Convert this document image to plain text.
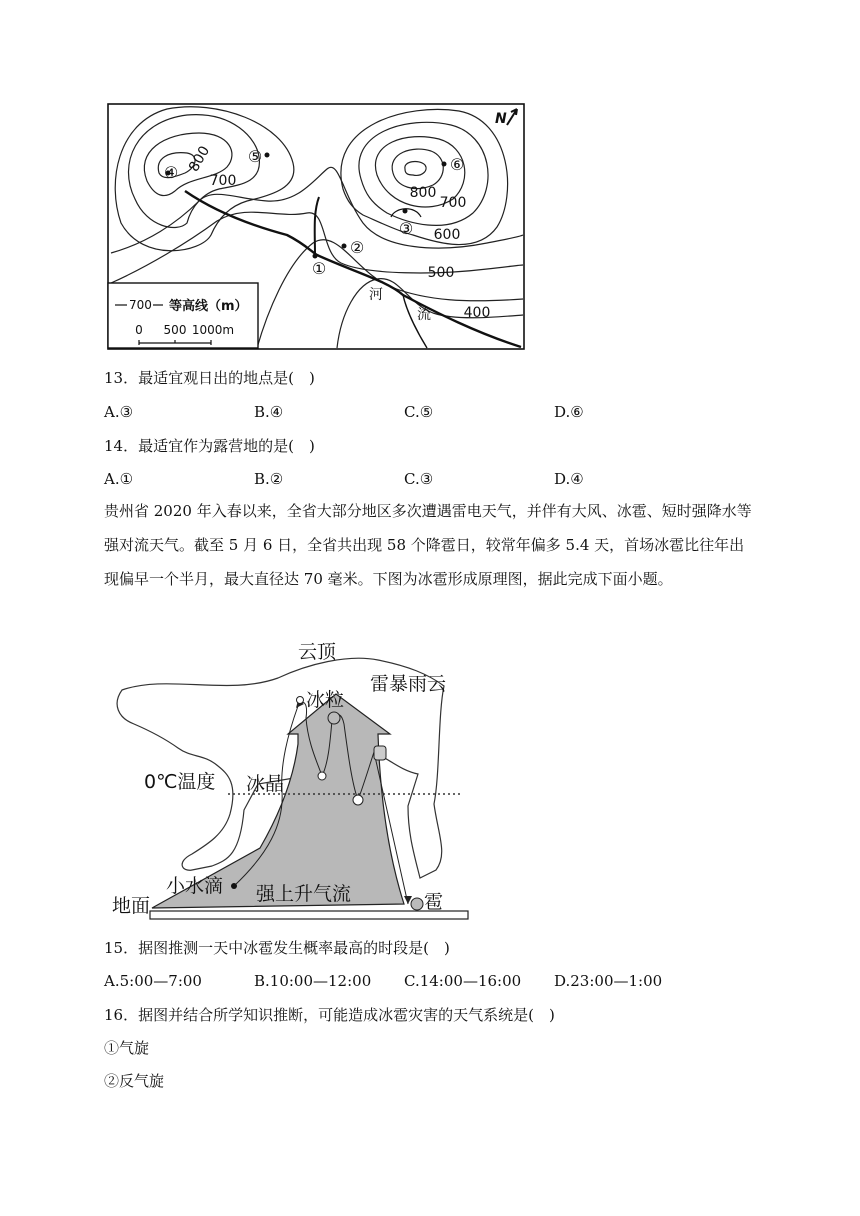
800
700
800
700
600
500
400
①
②
③
④
⑤	⑥
河
流
N
700 等高线（m）
0 500 1000m
13．最适宜观日出的地点是(　)
A.③	B.④	C.⑤	D.⑥
14．最适宜作为露营地的是(　)
A.①	B.②	C.③	D.④
贵州省 2020 年入春以来，全省大部分地区多次遭遇雷电天气，并伴有大风、冰雹、短时强降水等强对流天气。截至 5 月 6 日，全省共出现 58 个降雹日，较常年偏多 5.4 天，首场冰雹比往年出现偏早一个半月，最大直径达 70 毫米。下图为冰雹形成原理图，据此完成下面小题。
云顶
雷暴雨云
冰粒
0℃温度 冰晶
小水滴 强上升气流
地面	雹
15．据图推测一天中冰雹发生概率最高的时段是(　)
A.5:00—7:00	B.10:00—12:00 C.14:00—16:00 D.23:00—1:00
16．据图并结合所学知识推断，可能造成冰雹灾害的天气系统是(　)
①气旋
②反气旋
